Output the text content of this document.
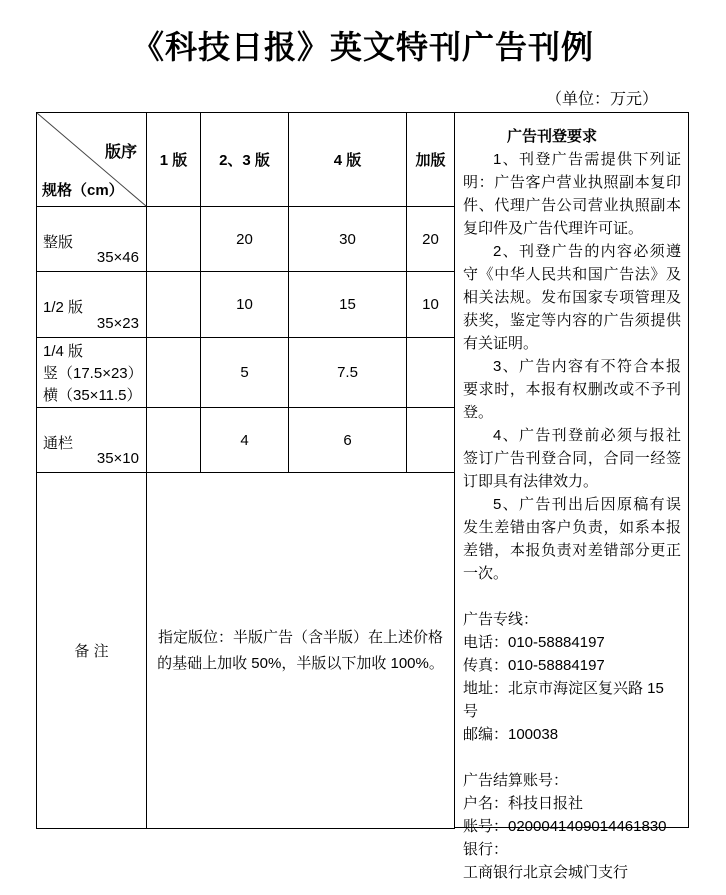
《科技日报》英文特刊广告刊例
（单位：万元）
版序
规格（cm）	1 版	2、3 版	4 版	加版

整版
35×46		20	30	20

1/2 版
35×23		10	15	10

1/4 版
竖（17.5×23）
横（35×11.5）		5	7.5	

通栏
35×10		4	6	
备 注	指定版位：半版广告（含半版）在上述价格 的基础上加收 50%，半版以下加收 100%。			
广告刊登要求
1、刊登广告需提供下列证明：广告客户营业执照副本复印件、代理广告公司营业执照副本复印件及广告代理许可证。
2、刊登广告的内容必须遵守《中华人民共和国广告法》及相关法规。发布国家专项管理及获奖，鉴定等内容的广告须提供有关证明。
3、广告内容有不符合本报要求时，本报有权删改或不予刊登。
4、广告刊登前必须与报社签订广告刊登合同，合同一经签订即具有法律效力。
5、广告刊出后因原稿有误发生差错由客户负责，如系本报差错，本报负责对差错部分更正一次。
广告专线：
电话：010-58884197
传真：010-58884197
地址：北京市海淀区复兴路 15 号
邮编：100038
广告结算账号：
户名：科技日报社
账号：0200041409014461830
银行：
工商银行北京会城门支行
